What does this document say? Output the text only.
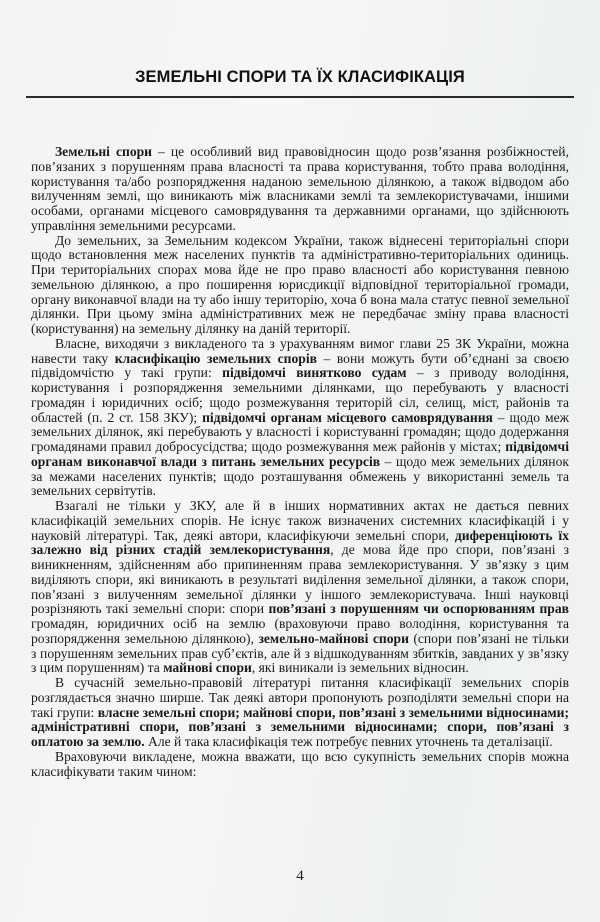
ЗЕМЕЛЬНІ СПОРИ ТА ЇХ КЛАСИФІКАЦІЯ

Земельні спори – це особливий вид правовідносин щодо розв’язання розбіжностей, пов’язаних з порушенням права власності та права користування, тобто права володіння, користування та/або розпорядження наданою земельною ділянкою, а також відводом або вилученням землі, що виникають між власниками землі та землекористувачами, іншими особами, органами місцевого самоврядування та державними органами, що здійснюють управління земельними ресурсами.

До земельних, за Земельним кодексом України, також віднесені територіальні спори щодо встановлення меж населених пунктів та адміністративно-територіальних одиниць. При територіальних спорах мова йде не про право власності або користування певною земельною ділянкою, а про поширення юрисдикції відповідної територіальної громади, органу виконавчої влади на ту або іншу територію, хоча б вона мала статус певної земельної ділянки. При цьому зміна адміністративних меж не передбачає зміну права власності (користування) на земельну ділянку на даній території.

Власне, виходячи з викладеного та з урахуванням вимог глави 25 ЗК України, можна навести таку класифікацію земельних спорів – вони можуть бути об’єднані за своєю підвідомчістю у такі групи: підвідомчі винятково судам – з приводу володіння, користування і розпорядження земельними ділянками, що перебувають у власності громадян і юридичних осіб; щодо розмежування територій сіл, селищ, міст, районів та областей (п. 2 ст. 158 ЗКУ); підвідомчі органам місцевого самоврядування – щодо меж земельних ділянок, які перебувають у власності і користуванні громадян; щодо додержання громадянами правил добросусідства; щодо розмежування меж районів у містах; підвідомчі органам виконавчої влади з питань земельних ресурсів – щодо меж земельних ділянок за межами населених пунктів; щодо розташування обмежень у використанні земель та земельних сервітутів.

Взагалі не тільки у ЗКУ, але й в інших нормативних актах не дається певних класифікацій земельних спорів. Не існує також визначених системних класифікацій і у науковій літературі. Так, деякі автори, класифікуючи земельні спори, диференціюють їх залежно від різних стадій землекористування, де мова йде про спори, пов’язані з виникненням, здійсненням або припиненням права землекористування. У зв’язку з цим виділяють спори, які виникають в результаті виділення земельної ділянки, а також спори, пов’язані з вилученням земельної ділянки у іншого землекористувача. Інші науковці розрізняють такі земельні спори: спори пов’язані з порушенням чи оспорюванням прав громадян, юридичних осіб на землю (враховуючи право володіння, користування та розпорядження земельною ділянкою), земельно-майнові спори (спори пов’язані не тільки з порушенням земельних прав суб’єктів, але й з відшкодуванням збитків, завданих у зв’язку з цим порушенням) та майнові спори, які виникали із земельних відносин.

В сучасній земельно-правовій літературі питання класифікації земельних спорів розглядається значно ширше. Так деякі автори пропонують розподіляти земельні спори на такі групи: власне земельні спори; майнові спори, пов’язані з земельними відносинами; адміністративні спори, пов’язані з земельними відносинами; спори, пов’язані з оплатою за землю. Але й така класифікація теж потребує певних уточнень та деталізації.

Враховуючи викладене, можна вважати, що всю сукупність земельних спорів можна класифікувати таким чином:

4
